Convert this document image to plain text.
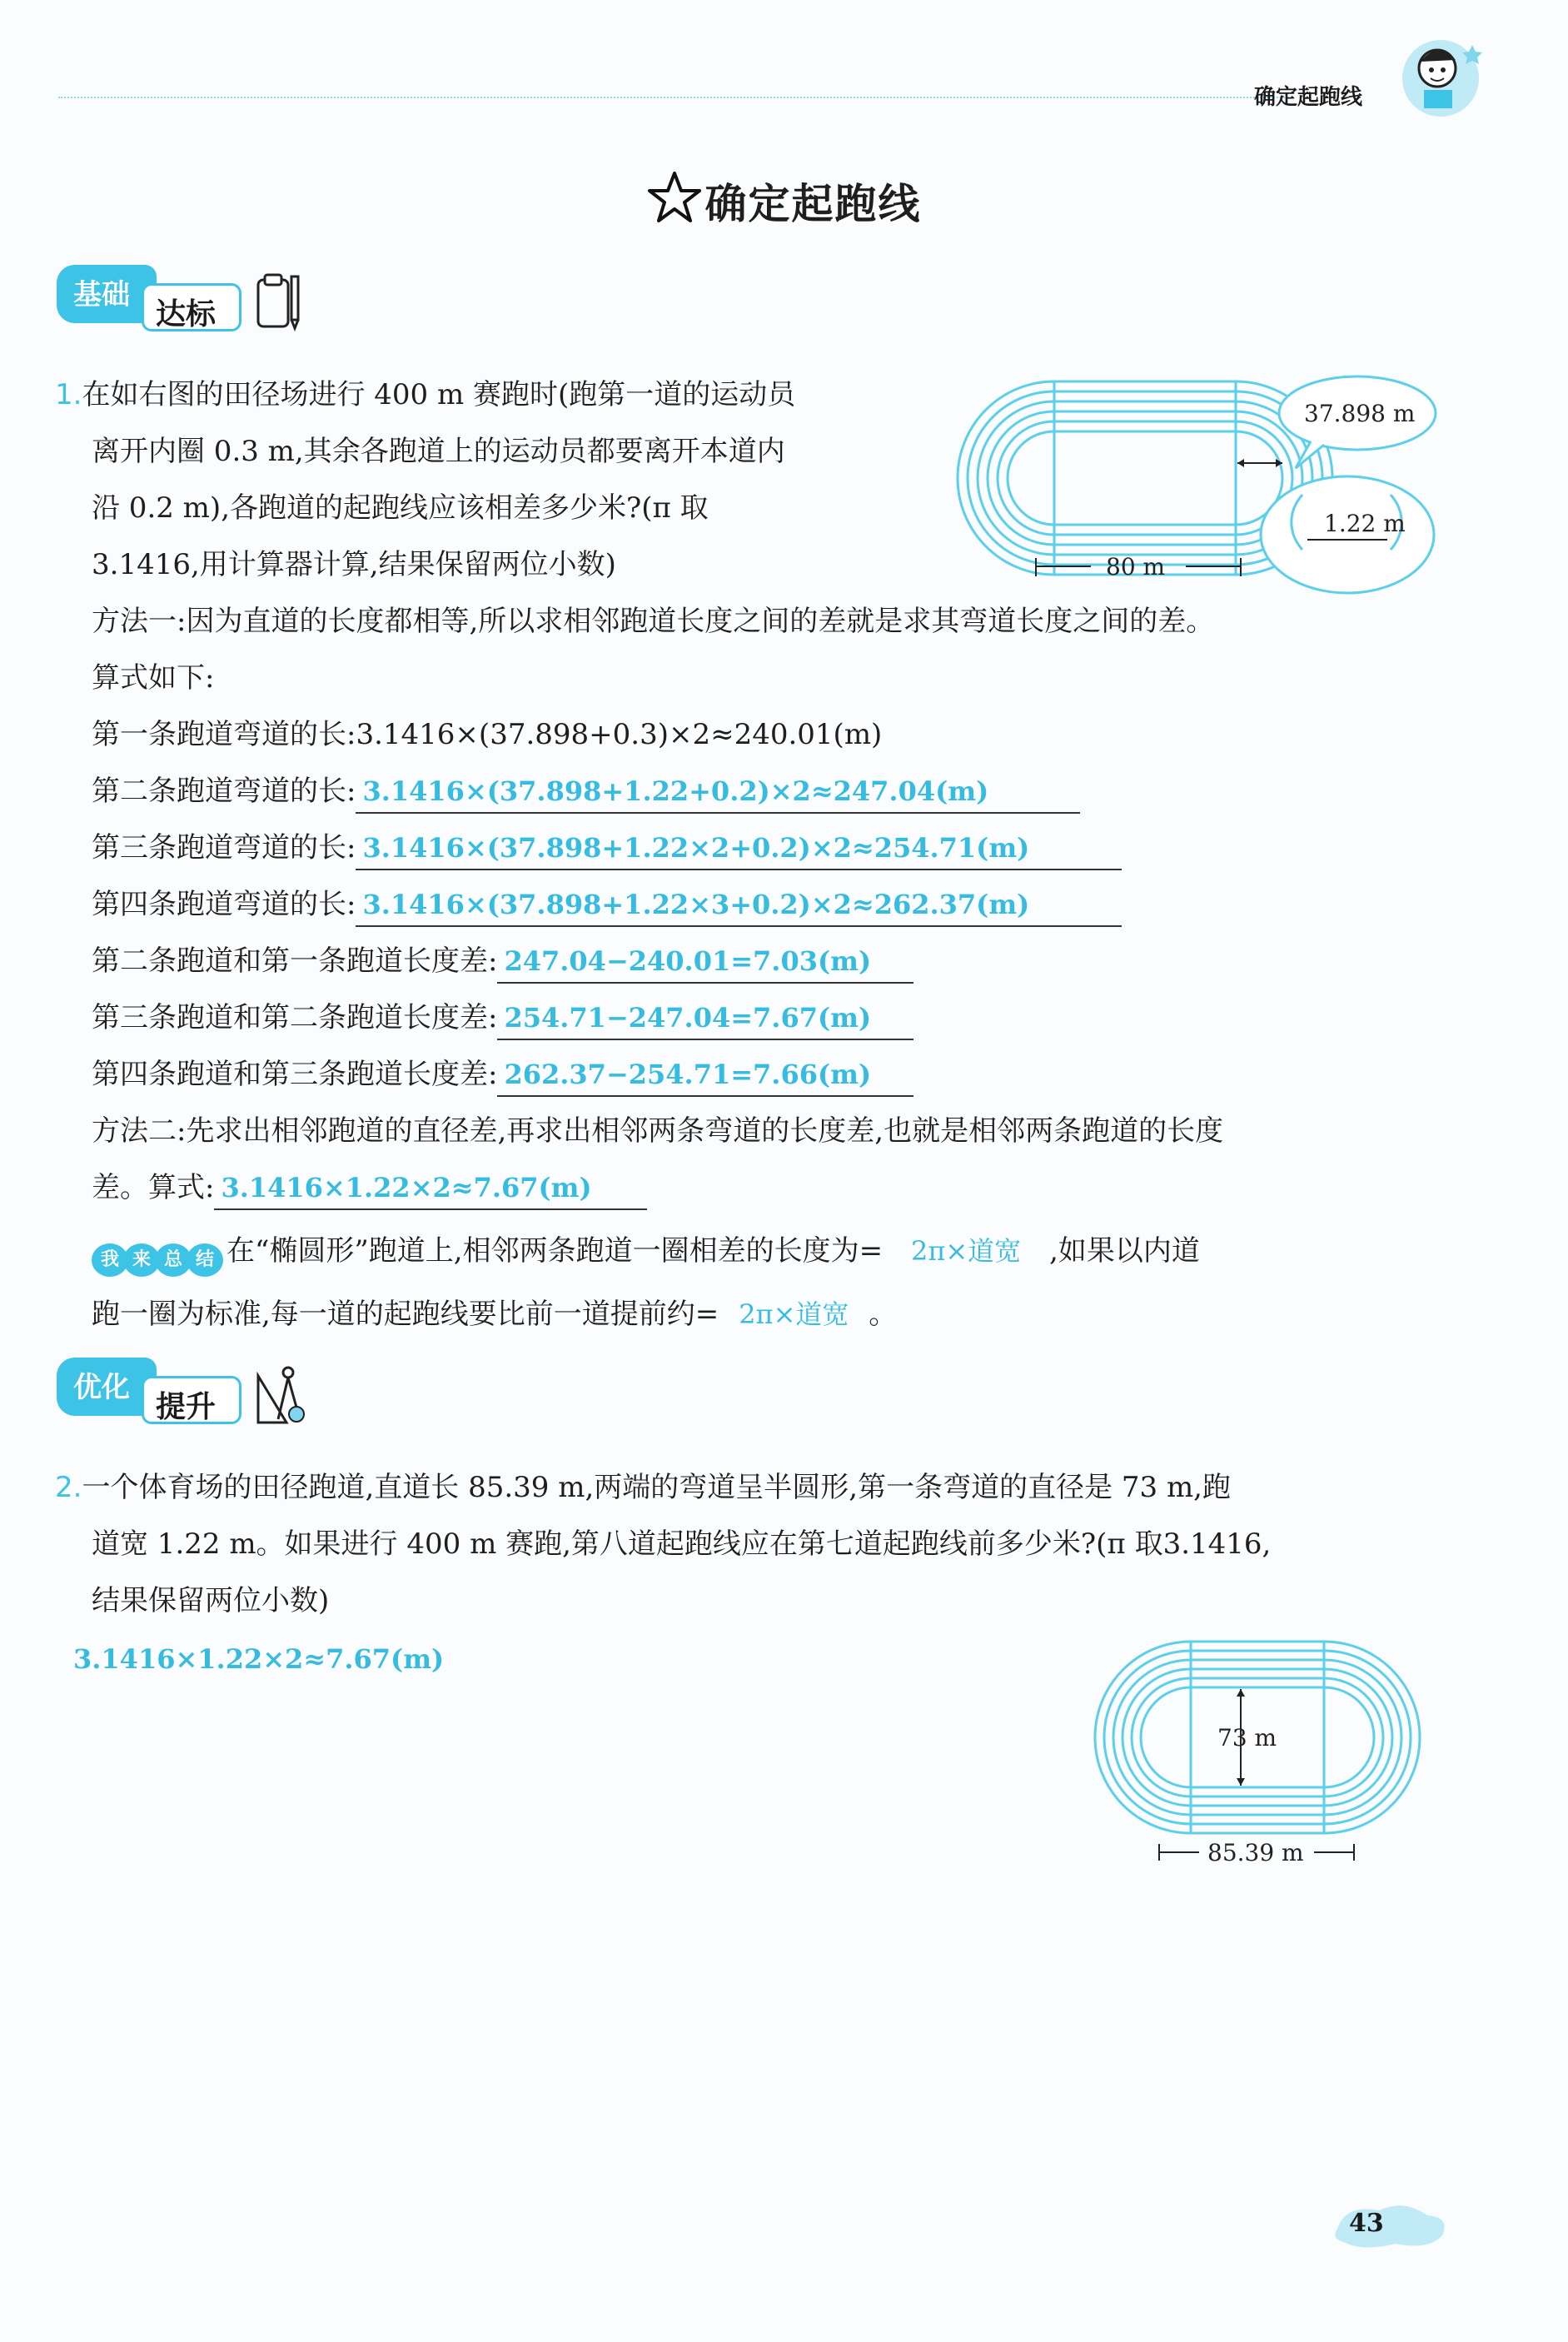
确定起跑线
确定起跑线
基础
达标
1.在如右图的田径场进行 400 m 赛跑时(跑第一道的运动员
离开内圈 0.3 m,其余各跑道上的运动员都要离开本道内
沿 0.2 m),各跑道的起跑线应该相差多少米?(π 取
3.1416,用计算器计算,结果保留两位小数)
37.898 m
1.22 m
80 m
方法一:因为直道的长度都相等,所以求相邻跑道长度之间的差就是求其弯道长度之间的差。
算式如下:
第一条跑道弯道的长:3.1416×(37.898+0.3)×2≈240.01(m)
第二条跑道弯道的长: 3.1416×(37.898+1.22+0.2)×2≈247.04(m)
第三条跑道弯道的长: 3.1416×(37.898+1.22×2+0.2)×2≈254.71(m)
第四条跑道弯道的长: 3.1416×(37.898+1.22×3+0.2)×2≈262.37(m)
第二条跑道和第一条跑道长度差: 247.04−240.01=7.03(m)
第三条跑道和第二条跑道长度差: 254.71−247.04=7.67(m)
第四条跑道和第三条跑道长度差: 262.37−254.71=7.66(m)
方法二:先求出相邻跑道的直径差,再求出相邻两条弯道的长度差,也就是相邻两条跑道的长度
差。算式: 3.1416×1.22×2≈7.67(m)
我 来 总 结 在“椭圆形”跑道上,相邻两条跑道一圈相差的长度为= 2π×道宽 ,如果以内道
跑一圈为标准,每一道的起跑线要比前一道提前约= 2π×道宽 。
优化
提升
2.一个体育场的田径跑道,直道长 85.39 m,两端的弯道呈半圆形,第一条弯道的直径是 73 m,跑
道宽 1.22 m。如果进行 400 m 赛跑,第八道起跑线应在第七道起跑线前多少米?(π 取3.1416,
结果保留两位小数)
3.1416×1.22×2≈7.67(m)
73 m
85.39 m
43
